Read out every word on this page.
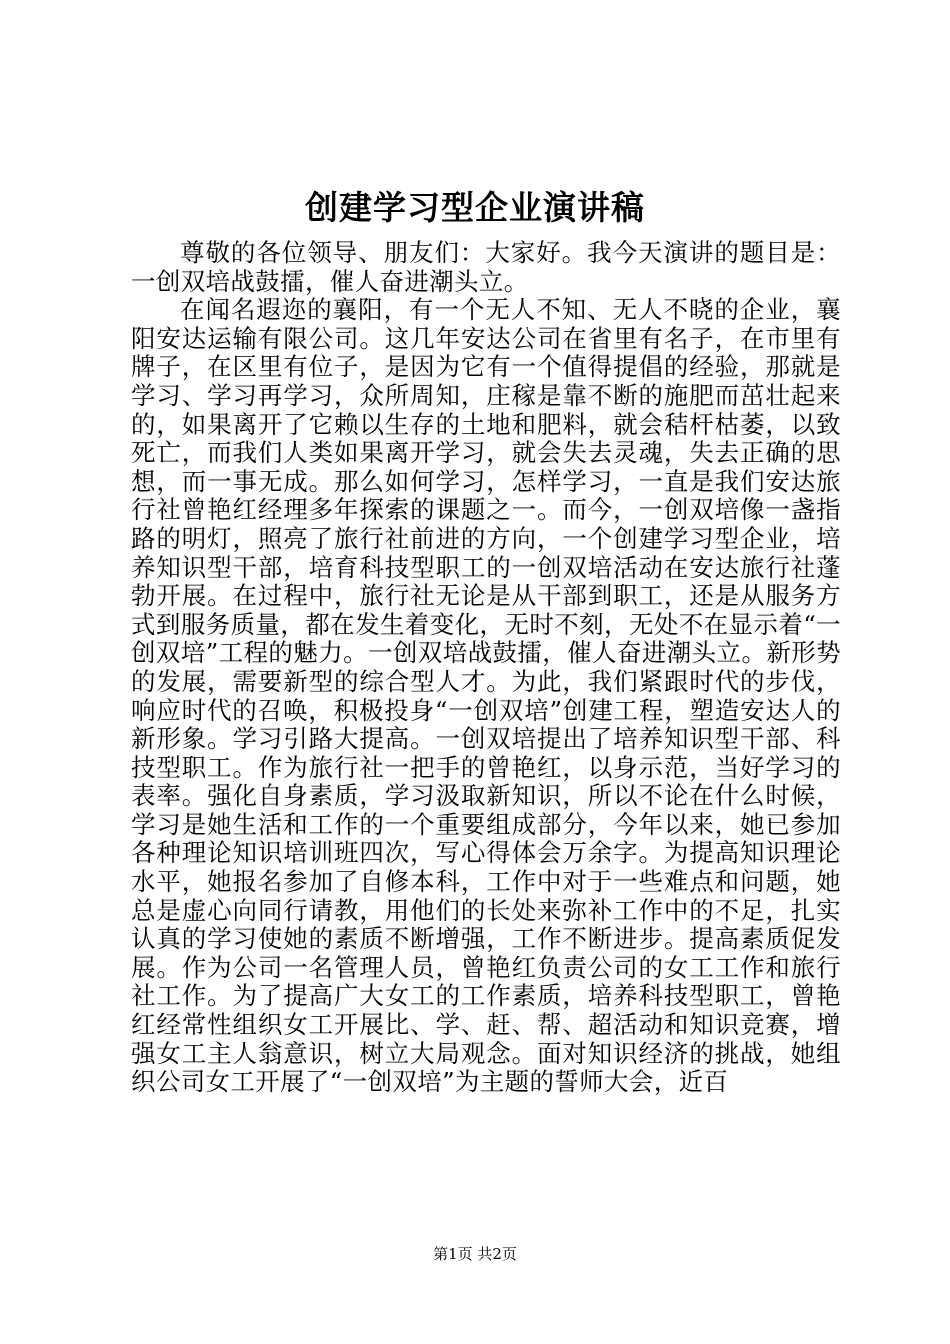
创建学习型企业演讲稿

尊敬的各位领导、朋友们：大家好。我今天演讲的题目是：一创双培战鼓擂，催人奋进潮头立。

在闻名遐迩的襄阳，有一个无人不知、无人不晓的企业，襄阳安达运输有限公司。这几年安达公司在省里有名子，在市里有牌子，在区里有位子，是因为它有一个值得提倡的经验，那就是学习、学习再学习，众所周知，庄稼是靠不断的施肥而茁壮起来的，如果离开了它赖以生存的土地和肥料，就会秸杆枯萎，以致死亡，而我们人类如果离开学习，就会失去灵魂，失去正确的思想，而一事无成。那么如何学习，怎样学习，一直是我们安达旅行社曾艳红经理多年探索的课题之一。而今，一创双培像一盏指路的明灯，照亮了旅行社前进的方向，一个创建学习型企业，培养知识型干部，培育科技型职工的一创双培活动在安达旅行社蓬勃开展。在过程中，旅行社无论是从干部到职工，还是从服务方式到服务质量，都在发生着变化，无时不刻，无处不在显示着“一创双培”工程的魅力。一创双培战鼓擂，催人奋进潮头立。新形势的发展，需要新型的综合型人才。为此，我们紧跟时代的步伐，响应时代的召唤，积极投身“一创双培”创建工程，塑造安达人的新形象。学习引路大提高。一创双培提出了培养知识型干部、科技型职工。作为旅行社一把手的曾艳红，以身示范，当好学习的表率。强化自身素质，学习汲取新知识，所以不论在什么时候，学习是她生活和工作的一个重要组成部分，今年以来，她已参加各种理论知识培训班四次，写心得体会万余字。为提高知识理论水平，她报名参加了自修本科，工作中对于一些难点和问题，她总是虚心向同行请教，用他们的长处来弥补工作中的不足，扎实认真的学习使她的素质不断增强，工作不断进步。提高素质促发展。作为公司一名管理人员，曾艳红负责公司的女工工作和旅行社工作。为了提高广大女工的工作素质，培养科技型职工，曾艳红经常性组织女工开展比、学、赶、帮、超活动和知识竞赛，增强女工主人翁意识，树立大局观念。面对知识经济的挑战，她组织公司女工开展了“一创双培”为主题的誓师大会，近百

第1页 共2页
